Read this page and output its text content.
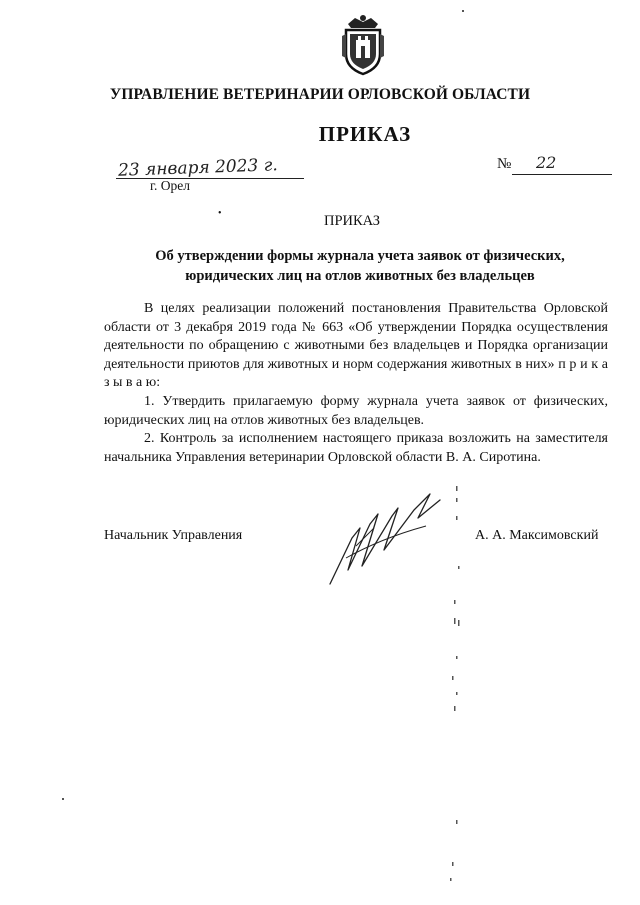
УПРАВЛЕНИЕ ВЕТЕРИНАРИИ ОРЛОВСКОЙ ОБЛАСТИ
ПРИКАЗ
23 января 2023 г.
г. Орел
№ 22
•	ПРИКАЗ
Об утверждении формы журнала учета заявок от физических,
юридических лиц на отлов животных без владельцев

В целях реализации положений постановления Правительства Орловской области от 3 декабря 2019 года № 663 «Об утверждении Порядка осуществления деятельности по обращению с животными без владельцев и Порядка организации деятельности приютов для животных и норм содержания животных в них» п р и к а з ы в а ю:

1. Утвердить прилагаемую форму журнала учета заявок от физических, юридических лиц на отлов животных без владельцев.

2. Контроль за исполнением настоящего приказа возложить на заместителя начальника Управления ветеринарии Орловской области В. А. Сиротина.

Начальник Управления	А. А. Максимовский
